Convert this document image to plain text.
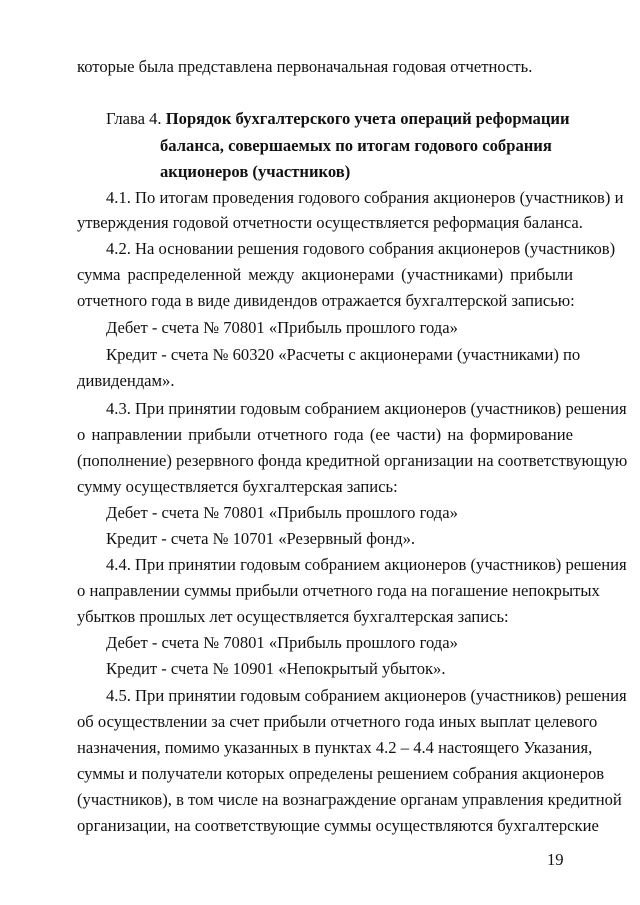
которые была представлена первоначальная годовая отчетность.
Глава 4. Порядок бухгалтерского учета операций реформации
баланса, совершаемых по итогам годового собрания
акционеров (участников)
4.1. По итогам проведения годового собрания акционеров (участников) и
утверждения годовой отчетности осуществляется реформация баланса.
4.2. На основании решения годового собрания акционеров (участников)
сумма распределенной между акционерами (участниками) прибыли
отчетного года в виде дивидендов отражается бухгалтерской записью:
Дебет - счета № 70801 «Прибыль прошлого года»
Кредит - счета № 60320 «Расчеты с акционерами (участниками) по
дивидендам».
4.3. При принятии годовым собранием акционеров (участников) решения
о направлении прибыли отчетного года (ее части) на формирование
(пополнение) резервного фонда кредитной организации на соответствующую
сумму осуществляется бухгалтерская запись:
Дебет - счета № 70801 «Прибыль прошлого года»
Кредит - счета № 10701 «Резервный фонд».
4.4. При принятии годовым собранием акционеров (участников) решения
о направлении суммы прибыли отчетного года на погашение непокрытых
убытков прошлых лет осуществляется бухгалтерская запись:
Дебет - счета № 70801 «Прибыль прошлого года»
Кредит - счета № 10901 «Непокрытый убыток».
4.5. При принятии годовым собранием акционеров (участников) решения
об осуществлении за счет прибыли отчетного года иных выплат целевого
назначения, помимо указанных в пунктах 4.2 – 4.4 настоящего Указания,
суммы и получатели которых определены решением собрания акционеров
(участников), в том числе на вознаграждение органам управления кредитной
организации, на соответствующие суммы осуществляются бухгалтерские
19
